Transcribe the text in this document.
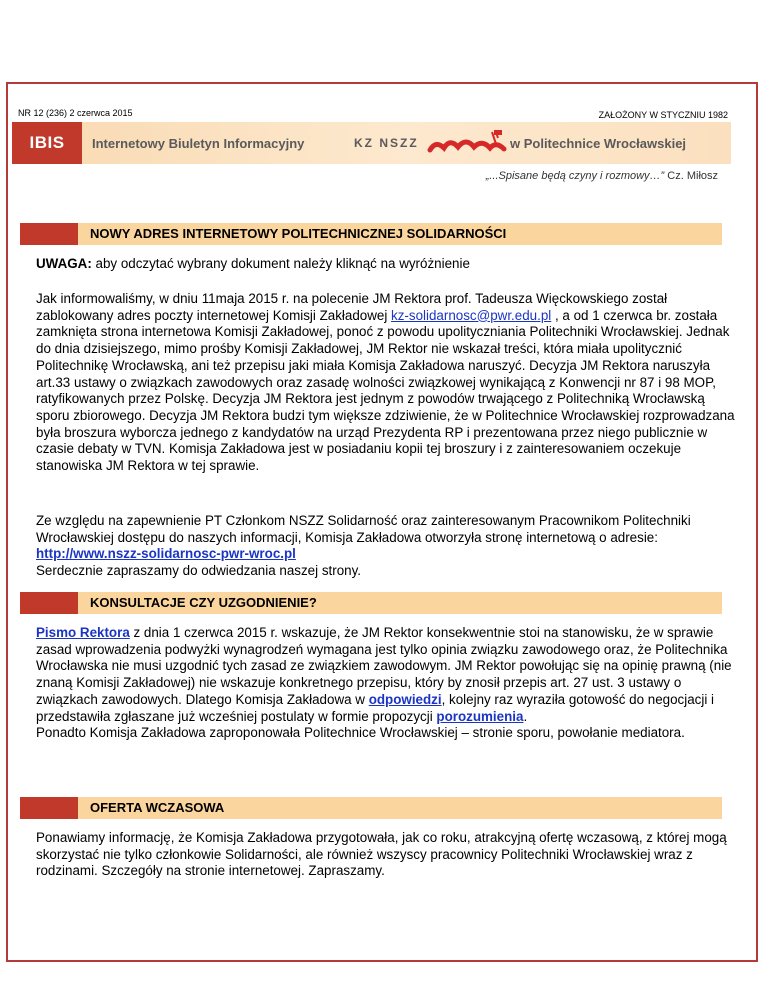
NR 12 (236) 2 czerwca 2015	ZAŁOŻONY W STYCZNIU 1982
IBIS	Internetowy Biuletyn Informacyjny	KZ NSZZ	w Politechnice Wrocławskiej
„...Spisane będą czyny i rozmowy…” Cz. Miłosz
NOWY ADRES INTERNETOWY POLITECHNICZNEJ SOLIDARNOŚCI
UWAGA: aby odczytać wybrany dokument należy kliknąć na wyróżnienie
Jak informowaliśmy, w dniu 11maja 2015 r. na polecenie JM Rektora prof. Tadeusza Więckowskiego został zablokowany adres poczty internetowej Komisji Zakładowej kz-solidarnosc@pwr.edu.pl , a od 1 czerwca br. została zamknięta strona internetowa Komisji Zakładowej, ponoć z powodu upolityczniania Politechniki Wrocławskiej. Jednak do dnia dzisiejszego, mimo prośby Komisji Zakładowej, JM Rektor nie wskazał treści, która miała upolitycznić Politechnikę Wrocławską, ani też przepisu jaki miała Komisja Zakładowa naruszyć. Decyzja JM Rektora naruszyła art.33 ustawy o związkach zawodowych oraz zasadę wolności związkowej wynikającą z Konwencji nr 87 i 98 MOP, ratyfikowanych przez Polskę. Decyzja JM Rektora jest jednym z powodów trwającego z Politechniką Wrocławską sporu zbiorowego. Decyzja JM Rektora budzi tym większe zdziwienie, że w Politechnice Wrocławskiej rozprowadzana była broszura wyborcza jednego z kandydatów na urząd Prezydenta RP i prezentowana przez niego publicznie w czasie debaty w TVN. Komisja Zakładowa jest w posiadaniu kopii tej broszury i z zainteresowaniem oczekuje stanowiska JM Rektora w tej sprawie.
Ze względu na zapewnienie PT Członkom NSZZ Solidarność oraz zainteresowanym Pracownikom Politechniki Wrocławskiej dostępu do naszych informacji, Komisja Zakładowa otworzyła stronę internetową o adresie: http://www.nszz-solidarnosc-pwr-wroc.pl
Serdecznie zapraszamy do odwiedzania naszej strony.
KONSULTACJE CZY UZGODNIENIE?
Pismo Rektora z dnia 1 czerwca 2015 r. wskazuje, że JM Rektor konsekwentnie stoi na stanowisku, że w sprawie zasad wprowadzenia podwyżki wynagrodzeń wymagana jest tylko opinia związku zawodowego oraz, że Politechnika Wrocławska nie musi uzgodnić tych zasad ze związkiem zawodowym. JM Rektor powołując się na opinię prawną (nie znaną Komisji Zakładowej) nie wskazuje konkretnego przepisu, który by znosił przepis art. 27 ust. 3 ustawy o związkach zawodowych. Dlatego Komisja Zakładowa w odpowiedzi, kolejny raz wyraziła gotowość do negocjacji i przedstawiła zgłaszane już wcześniej postulaty w formie propozycji porozumienia.
Ponadto Komisja Zakładowa zaproponowała Politechnice Wrocławskiej – stronie sporu, powołanie mediatora.
OFERTA WCZASOWA
Ponawiamy informację, że Komisja Zakładowa przygotowała, jak co roku, atrakcyjną ofertę wczasową, z której mogą skorzystać nie tylko członkowie Solidarności, ale również wszyscy pracownicy Politechniki Wrocławskiej wraz z rodzinami. Szczegóły na stronie internetowej. Zapraszamy.
